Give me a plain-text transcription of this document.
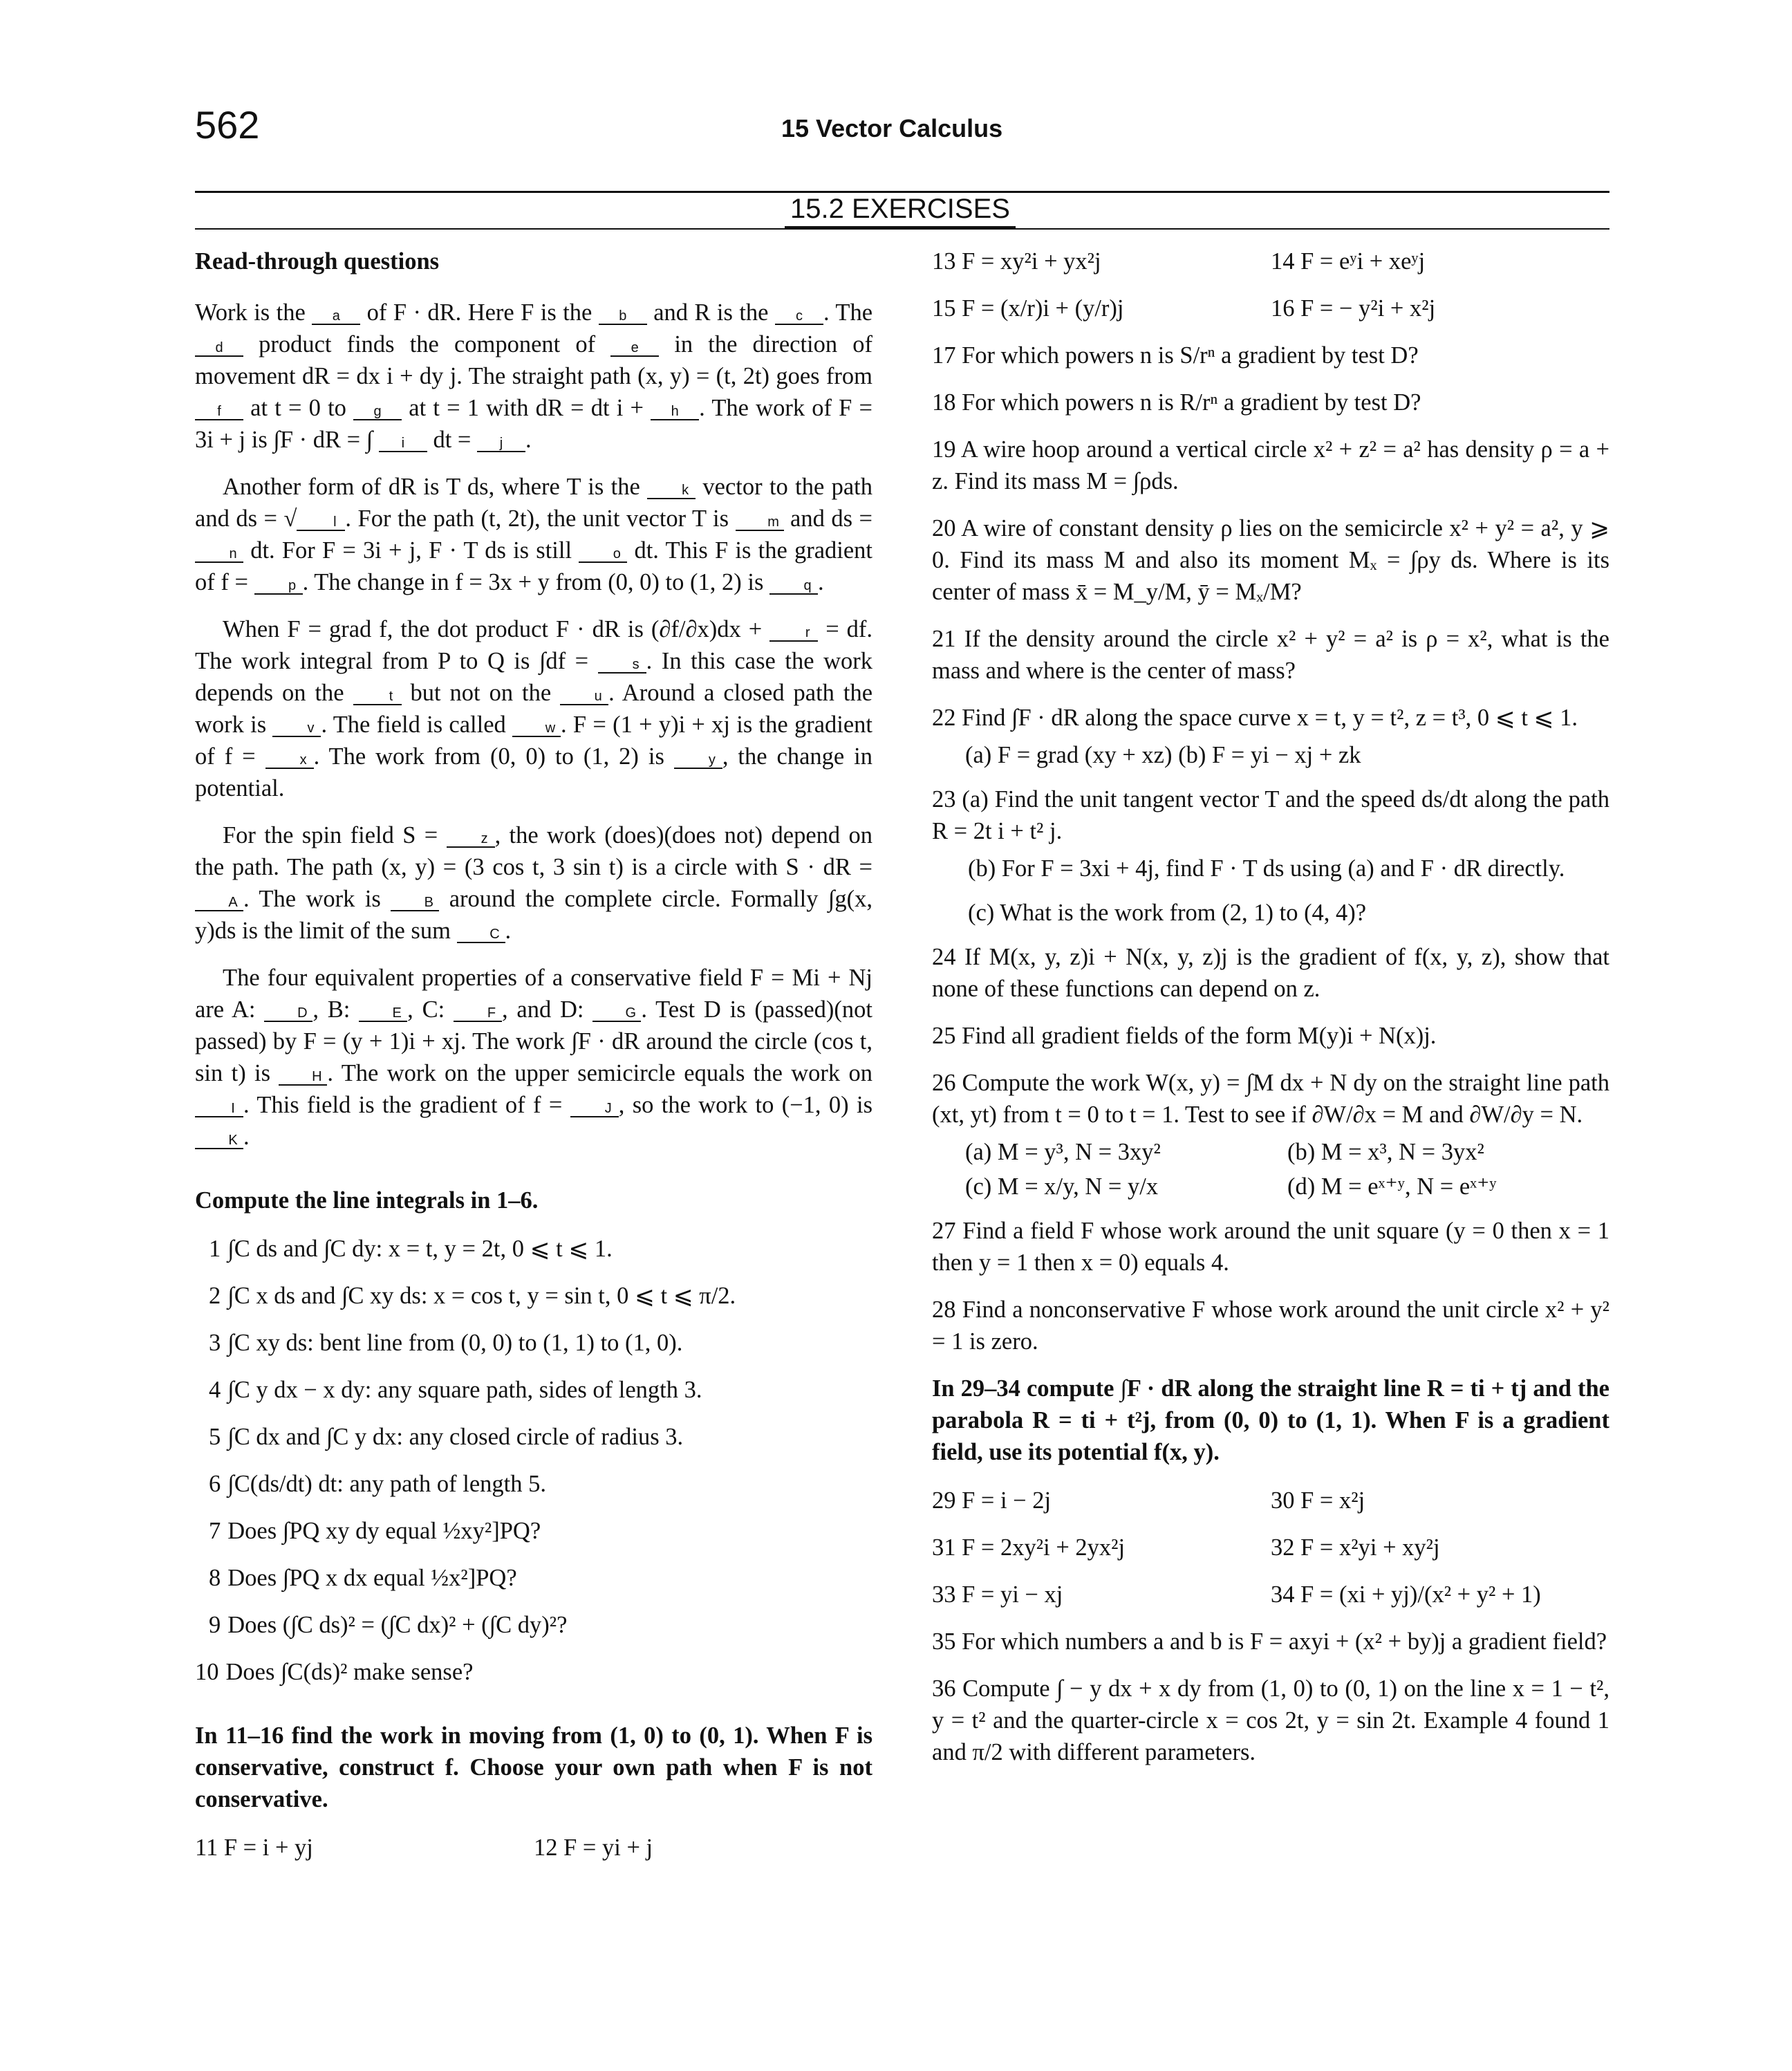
562	15 Vector Calculus
15.2 EXERCISES
Read-through questions
Work is the a of F · dR. Here F is the b and R is the c . The d product finds the component of e in the direction of movement dR = dx i + dy j. The straight path (x, y) = (t, 2t) goes from f at t = 0 to g at t = 1 with dR = dt i + h . The work of F = 3i + j is ∫F · dR = ∫ i dt = j .
Another form of dR is T ds, where T is the	k vector to the path and ds = √	l . For the path (t, 2t), the unit vector T is m and ds = n dt. For F = 3i + j, F · T ds is still o dt. This F is the gradient of f = p . The change in f = 3x + y from (0, 0) to (1, 2) is q .
When F = grad f, the dot product F · dR is (∂f/∂x)dx +	r = df. The work integral from P to Q is ∫df =	s . In this case the work depends on the	t but not on the u . Around a closed path the work is	v . The field is called w . F = (1 + y)i + xj is the gradient of f =	x . The work from (0, 0) to (1, 2) is	y , the change in potential.
For the spin field S =	z , the work (does)(does not) depend on the path. The path (x, y) = (3 cos t, 3 sin t) is a circle with S · dR = A . The work is B around the complete circle. Formally ∫g(x, y)ds is the limit of the sum C .
The four equivalent properties of a conservative field F = Mi + Nj are A: D , B: E , C: F , and D: G . Test D is (passed)(not passed) by F = (y + 1)i + xj. The work ∫F · dR around the circle (cos t, sin t) is H . The work on the upper semicircle equals the work on I . This field is the gradient of f =	J , so the work to (−1, 0) is K .
Compute the line integrals in 1–6.
1 ∫C ds and ∫C dy: x = t, y = 2t, 0 ⩽ t ⩽ 1.
2 ∫C x ds and ∫C xy ds: x = cos t, y = sin t, 0 ⩽ t ⩽ π/2.
3 ∫C xy ds: bent line from (0, 0) to (1, 1) to (1, 0).
4 ∫C y dx − x dy: any square path, sides of length 3.
5 ∫C dx and ∫C y dx: any closed circle of radius 3.
6 ∫C(ds/dt) dt: any path of length 5.
7 Does ∫PQ xy dy equal ½xy²]PQ?
8 Does ∫PQ x dx equal ½x²]PQ?
9 Does (∫C ds)² = (∫C dx)² + (∫C dy)²?
10 Does ∫C(ds)² make sense?
In 11–16 find the work in moving from (1, 0) to (0, 1). When F is conservative, construct f. Choose your own path when F is not conservative.
11 F = i + yj	12 F = yi + j
13 F = xy²i + yx²j	14 F = eʸi + xeʸj
15 F = (x/r)i + (y/r)j	16 F = − y²i + x²j
17 For which powers n is S/rⁿ a gradient by test D?
18 For which powers n is R/rⁿ a gradient by test D?
19 A wire hoop around a vertical circle x² + z² = a² has density ρ = a + z. Find its mass M = ∫ρds.
20 A wire of constant density ρ lies on the semicircle x² + y² = a², y ⩾ 0. Find its mass M and also its moment Mₓ = ∫ρy ds. Where is its center of mass x̄ = M_y/M, ȳ = Mₓ/M?
21 If the density around the circle x² + y² = a² is ρ = x², what is the mass and where is the center of mass?
22 Find ∫F · dR along the space curve x = t, y = t², z = t³, 0 ⩽ t ⩽ 1.
(a) F = grad (xy + xz) (b) F = yi − xj + zk
23 (a) Find the unit tangent vector T and the speed ds/dt along the path R = 2t i + t² j.
(b) For F = 3xi + 4j, find F · T ds using (a) and F · dR directly.
(c) What is the work from (2, 1) to (4, 4)?
24 If M(x, y, z)i + N(x, y, z)j is the gradient of f(x, y, z), show that none of these functions can depend on z.
25 Find all gradient fields of the form M(y)i + N(x)j.
26 Compute the work W(x, y) = ∫M dx + N dy on the straight line path (xt, yt) from t = 0 to t = 1. Test to see if ∂W/∂x = M and ∂W/∂y = N.
(a) M = y³, N = 3xy²	(b) M = x³, N = 3yx²
(c) M = x/y, N = y/x	(d) M = eˣ⁺ʸ, N = eˣ⁺ʸ
27 Find a field F whose work around the unit square (y = 0 then x = 1 then y = 1 then x = 0) equals 4.
28 Find a nonconservative F whose work around the unit circle x² + y² = 1 is zero.
In 29–34 compute ∫F · dR along the straight line R = ti + tj and the parabola R = ti + t²j, from (0, 0) to (1, 1). When F is a gradient field, use its potential f(x, y).
29 F = i − 2j	30 F = x²j
31 F = 2xy²i + 2yx²j	32 F = x²yi + xy²j
33 F = yi − xj	34 F = (xi + yj)/(x² + y² + 1)
35 For which numbers a and b is F = axyi + (x² + by)j a gradient field?
36 Compute ∫ − y dx + x dy from (1, 0) to (0, 1) on the line x = 1 − t², y = t² and the quarter-circle x = cos 2t, y = sin 2t. Example 4 found 1 and π/2 with different parameters.
